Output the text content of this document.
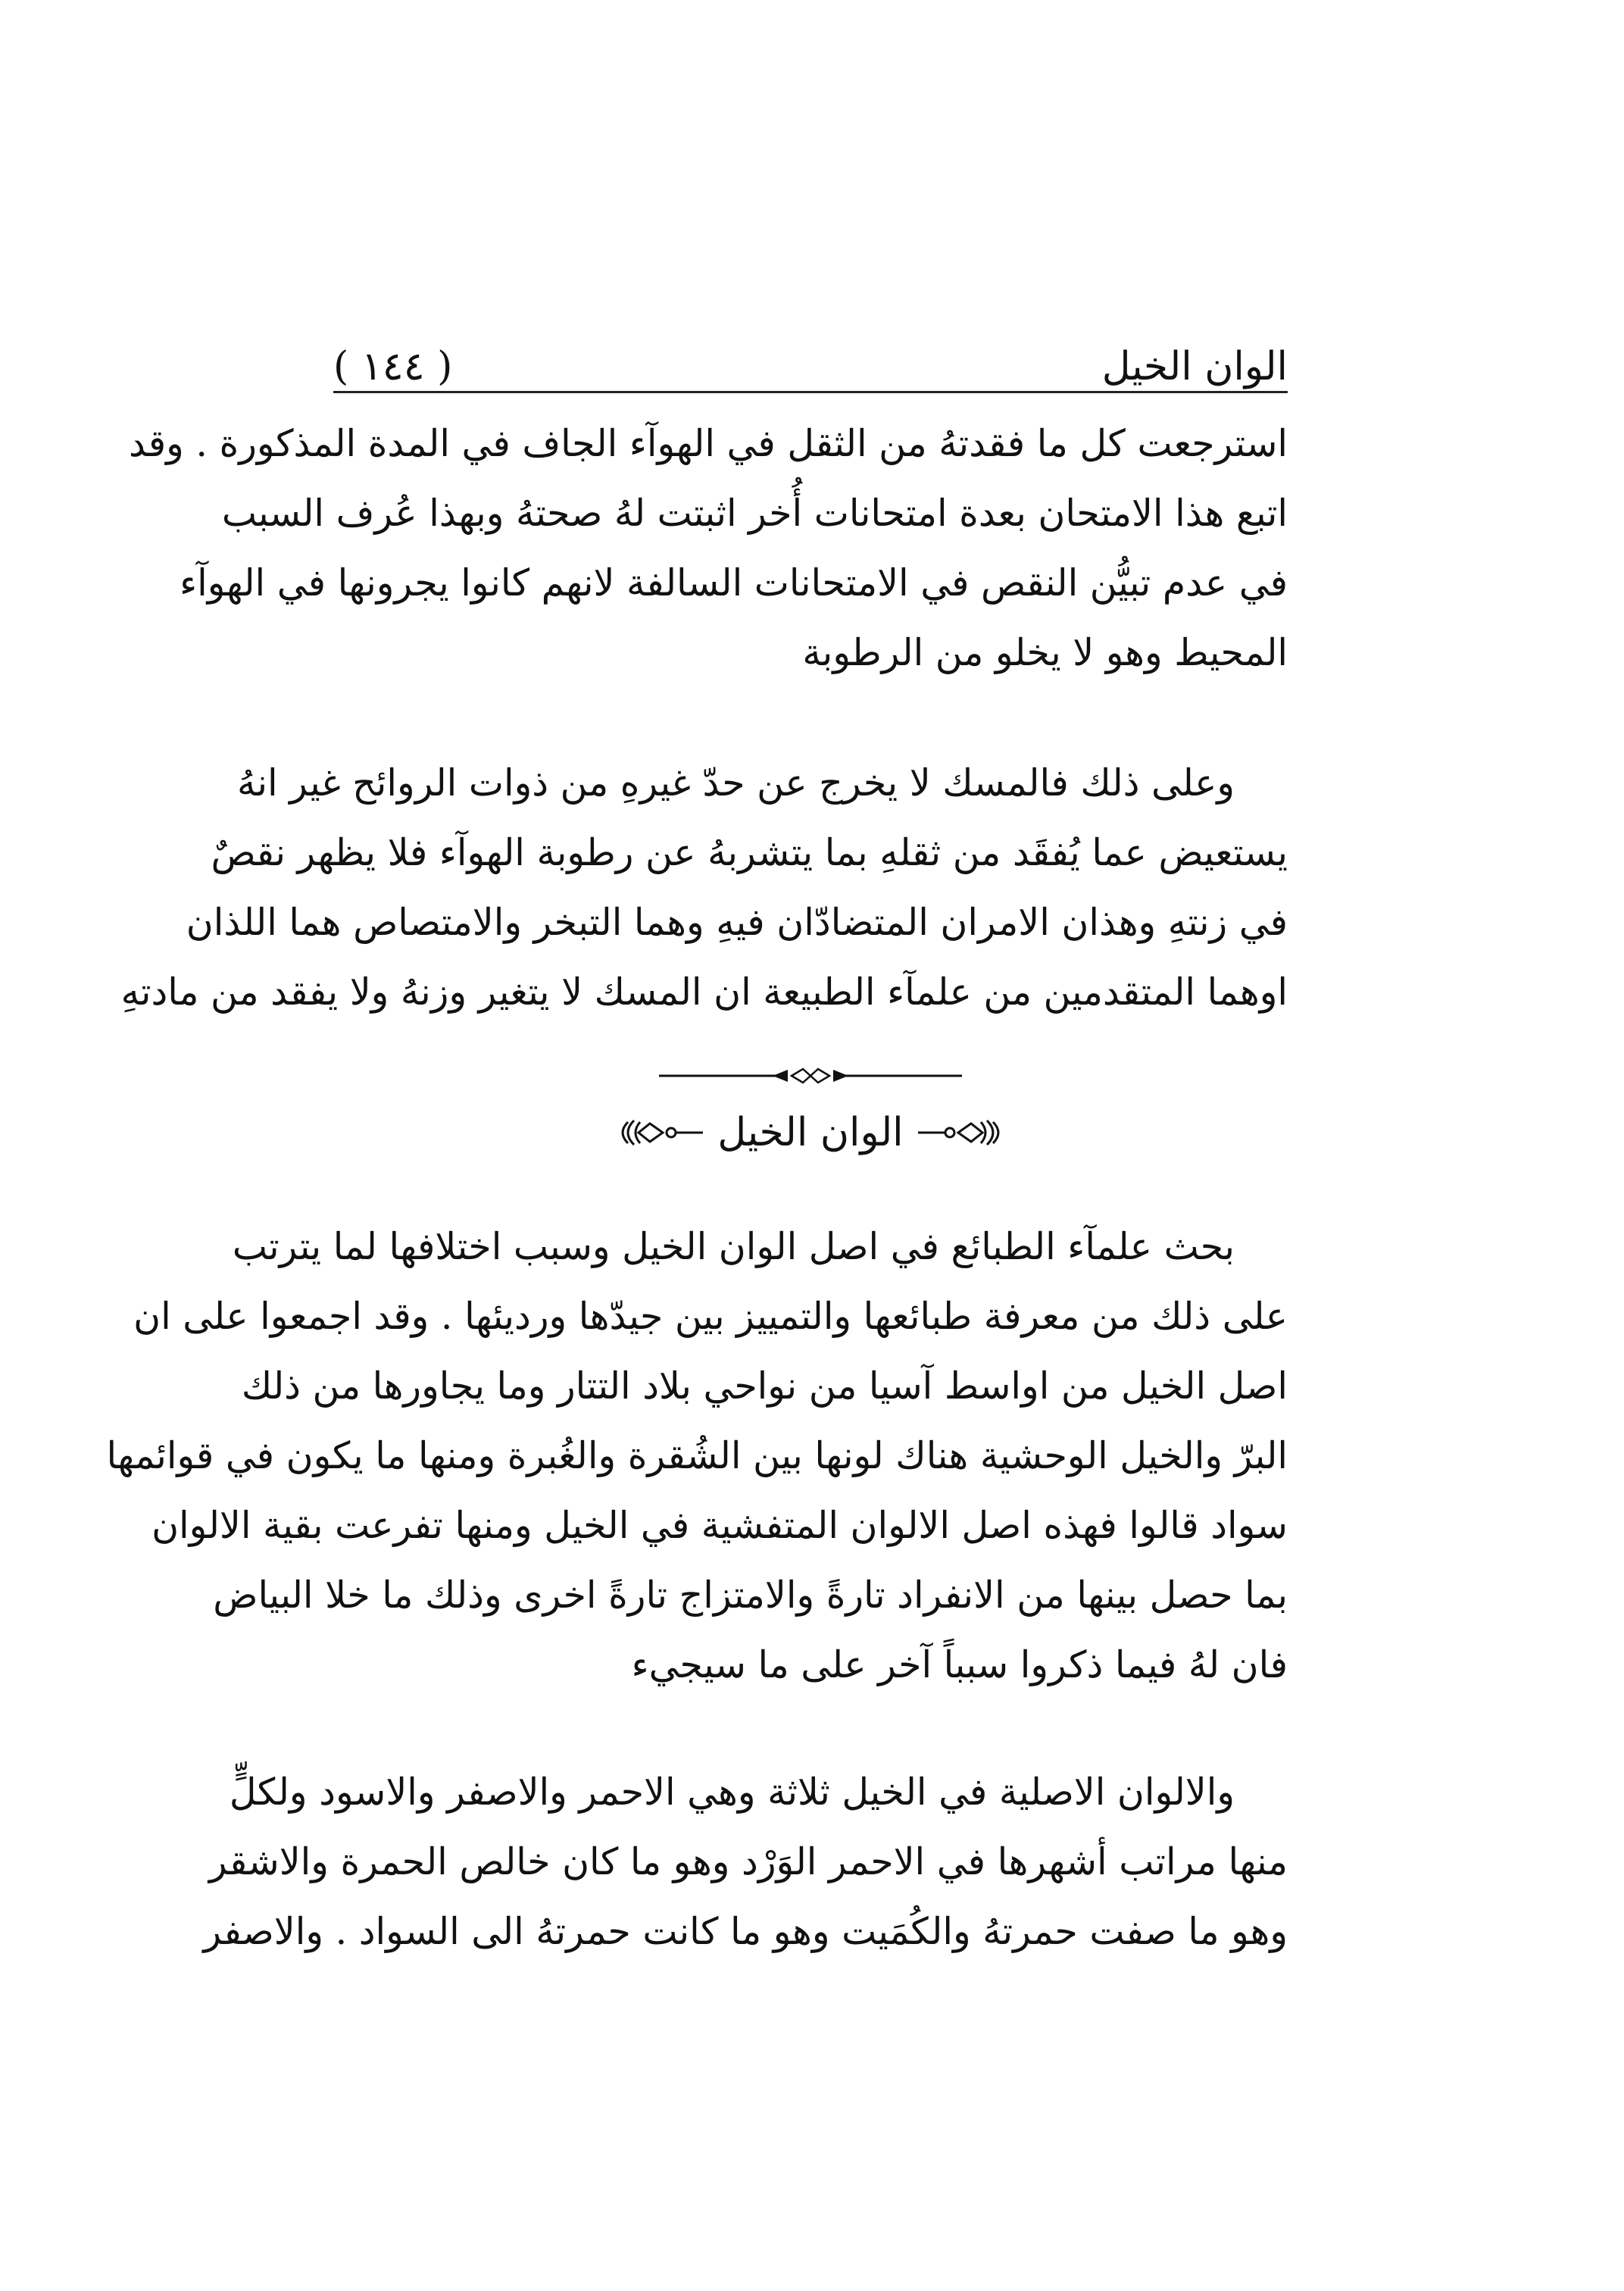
الوان الخيل
( ١٤٤ )
استرجعت كل ما فقدتهُ من الثقل في الهوآء الجاف في المدة المذكورة . وقد
اتبع هذا الامتحان بعدة امتحانات أُخر اثبتت لهُ صحتهُ وبهذا عُرف السبب
في عدم تبيُّن النقص في الامتحانات السالفة لانهم كانوا يجرونها في الهوآء
المحيط وهو لا يخلو من الرطوبة
وعلى ذلك فالمسك لا يخرج عن حدّ غيرهِ من ذوات الروائح غير انهُ
يستعيض عما يُفقَد من ثقلهِ بما يتشربهُ عن رطوبة الهوآء فلا يظهر نقصٌ
في زنتهِ وهذان الامران المتضادّان فيهِ وهما التبخر والامتصاص هما اللذان
اوهما المتقدمين من علمآء الطبيعة ان المسك لا يتغير وزنهُ ولا يفقد من مادتهِ
الوان الخيل
بحث علمآء الطبائع في اصل الوان الخيل وسبب اختلافها لما يترتب
على ذلك من معرفة طبائعها والتمييز بين جيدّها ورديئها . وقد اجمعوا على ان
اصل الخيل من اواسط آسيا من نواحي بلاد التتار وما يجاورها من ذلك
البرّ والخيل الوحشية هناك لونها بين الشُقرة والغُبرة ومنها ما يكون في قوائمها
سواد قالوا فهذه اصل الالوان المتفشية في الخيل ومنها تفرعت بقية الالوان
بما حصل بينها من الانفراد تارةً والامتزاج تارةً اخرى وذلك ما خلا البياض
فان لهُ فيما ذكروا سبباً آخر على ما سيجيء
والالوان الاصلية في الخيل ثلاثة وهي الاحمر والاصفر والاسود ولكلٍّ
منها مراتب أشهرها في الاحمر الوَرْد وهو ما كان خالص الحمرة والاشقر
وهو ما صفت حمرتهُ والكُمَيت وهو ما كانت حمرتهُ الى السواد . والاصفر
